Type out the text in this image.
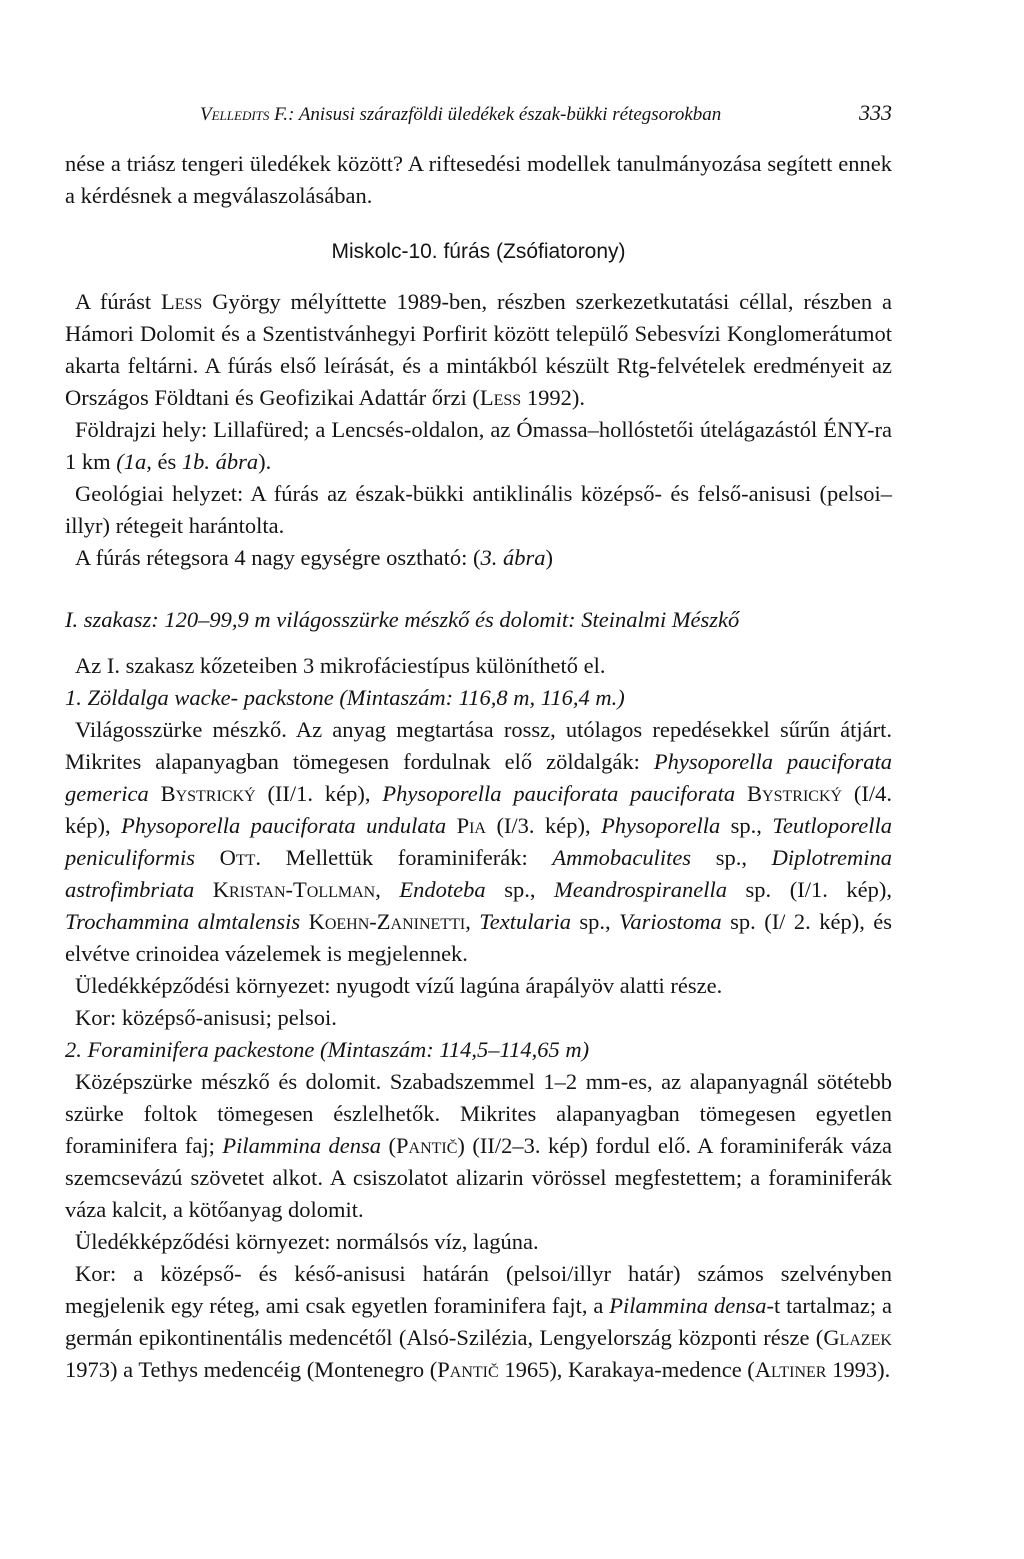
Velledits F.: Anisusi szárazföldi üledékek észak-bükki rétegsorokban	333

nése a triász tengeri üledékek között? A riftesedési modellek tanulmányozása segített ennek a kérdésnek a megválaszolásában.

Miskolc-10. fúrás (Zsófiatorony)

A fúrást Less György mélyíttette 1989-ben, részben szerkezetkutatási céllal, részben a Hámori Dolomit és a Szentistvánhegyi Porfirit között települő Sebesvízi Konglomerátumot akarta feltárni. A fúrás első leírását, és a mintákból készült Rtg-felvételek eredményeit az Országos Földtani és Geofizikai Adattár őrzi (Less 1992).

Földrajzi hely: Lillafüred; a Lencsés-oldalon, az Ómassa–hollóstetői útelágazástól ÉNY-ra 1 km (1a, és 1b. ábra).

Geológiai helyzet: A fúrás az észak-bükki antiklinális középső- és felső-anisusi (pelsoi–illyr) rétegeit harántolta.

A fúrás rétegsora 4 nagy egységre osztható: (3. ábra)

I. szakasz: 120–99,9 m világosszürke mészkő és dolomit: Steinalmi Mészkő

Az I. szakasz kőzeteiben 3 mikrofáciestípus különíthető el.

1. Zöldalga wacke- packstone (Mintaszám: 116,8 m, 116,4 m.)

Világosszürke mészkő. Az anyag megtartása rossz, utólagos repedésekkel sűrűn átjárt. Mikrites alapanyagban tömegesen fordulnak elő zöldalgák: Physoporella pauciforata gemerica Bystrický (II/1. kép), Physoporella pauciforata pauciforata Bystrický (I/4. kép), Physoporella pauciforata undulata Pia (I/3. kép), Physoporella sp., Teutloporella peniculiformis Ott. Mellettük foraminiferák: Ammobaculites sp., Diplotremina astrofimbriata Kristan-Tollman, Endoteba sp., Meandrospiranella sp. (I/1. kép), Trochammina almtalensis Koehn-Zaninetti, Textularia sp., Variostoma sp. (I/ 2. kép), és elvétve crinoidea vázelemek is megjelennek.

Üledékképződési környezet: nyugodt vízű lagúna árapályöv alatti része.

Kor: középső-anisusi; pelsoi.

2. Foraminifera packestone (Mintaszám: 114,5–114,65 m)

Középszürke mészkő és dolomit. Szabadszemmel 1–2 mm-es, az alapanyagnál sötétebb szürke foltok tömegesen észlelhetők. Mikrites alapanyagban tömegesen egyetlen foraminifera faj; Pilammina densa (Pantič) (II/2–3. kép) fordul elő. A foraminiferák váza szemcsevázú szövetet alkot. A csiszolatot alizarin vörössel megfestettem; a foraminiferák váza kalcit, a kötőanyag dolomit.

Üledékképződési környezet: normálsós víz, lagúna.

Kor: a középső- és késő-anisusi határán (pelsoi/illyr határ) számos szelvényben megjelenik egy réteg, ami csak egyetlen foraminifera fajt, a Pilammina densa-t tartalmaz; a germán epikontinentális medencétől (Alsó-Szilézia, Lengyelország központi része (Glazek 1973) a Tethys medencéig (Montenegro (Pantič 1965), Karakaya-medence (Altiner 1993).
